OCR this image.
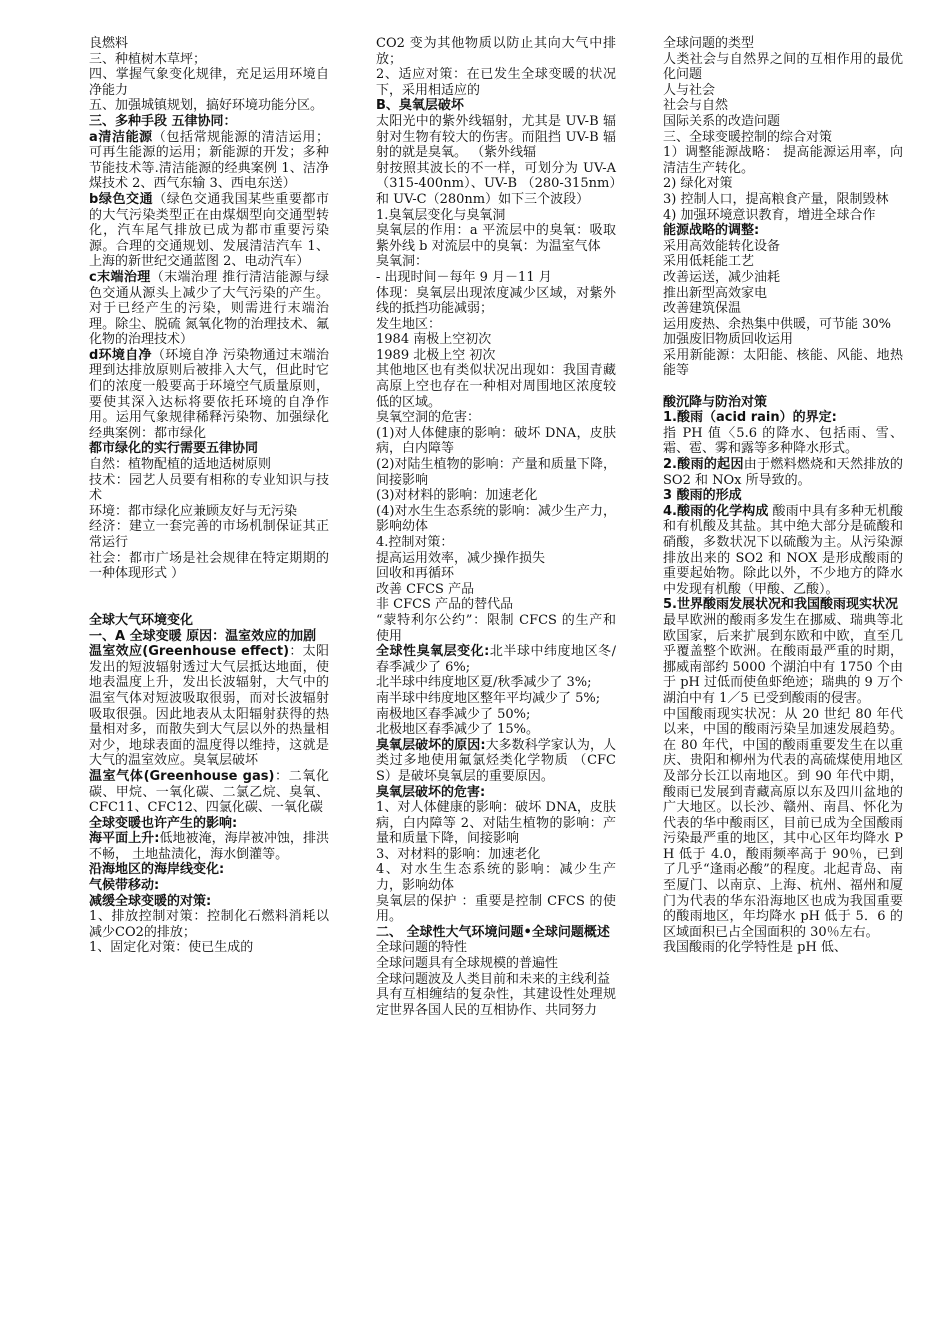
良燃料

三、种植树木草坪；

四、掌握气象变化规律，充足运用环境自净能力

五、加强城镇规划，搞好环境功能分区。

三、多种手段 五律协同：

a清洁能源（包括常规能源的清洁运用；可再生能源的运用；新能源的开发；多种节能技术等.清洁能源的经典案例 1、洁净煤技术 2、西气东输 3、西电东送）

b绿色交通（绿色交通我国某些重要都市的大气污染类型正在由煤烟型向交通型转化，汽车尾气排放已成为都市重要污染源。合理的交通规划、发展清洁汽车 1、上海的新世纪交通蓝图 2、电动汽车）

c末端治理（末端治理 推行清洁能源与绿色交通从源头上减少了大气污染的产生。对于已经产生的污染，则需进行末端治理。除尘、脱硫 氮氧化物的治理技术、氟化物的治理技术）

d环境自净（环境自净 污染物通过末端治理到达排放原则后被排入大气，但此时它们的浓度一般要高于环境空气质量原则，要使其深入达标将要依托环境的自净作用。运用气象规律稀释污染物、加强绿化 经典案例：都市绿化

都市绿化的实行需要五律协同

自然：植物配植的适地适树原则

技术：园艺人员要有相称的专业知识与技术

环境：都市绿化应兼顾友好与无污染

经济：建立一套完善的市场机制保证其正常运行

社会：都市广场是社会规律在特定期期的一种体现形式 ）

全球大气环境变化

一、A 全球变暖 原因：温室效应的加剧

温室效应(Greenhouse effect)：太阳发出的短波辐射透过大气层抵达地面，使地表温度上升，发出长波辐射，大气中的温室气体对短波吸取很弱，而对长波辐射吸取很强。因此地表从太阳辐射获得的热量相对多，而散失到大气层以外的热量相对少，地球表面的温度得以维持，这就是大气的温室效应。臭氧层破坏

温室气体(Greenhouse gas)：二氧化碳、甲烷、一氧化碳、二氯乙烷、臭氧、CFC11、CFC12、四氯化碳、一氧化碳

全球变暖也许产生的影响:

海平面上升:低地被淹，海岸被冲蚀，排洪不畅， 土地盐渍化，海水倒灌等。

沿海地区的海岸线变化:

气候带移动:

减缓全球变暖的对策:

1、排放控制对策：控制化石燃料消耗以减少CO2的排放；

1、固定化对策：使已生成的

CO2 变为其他物质以防止其向大气中排放；

2、适应对策：在已发生全球变暖的状况下，采用相适应的

B、臭氧层破坏

太阳光中的紫外线辐射，尤其是 UV-B 辐射对生物有较大的伤害。而阻挡 UV-B 辐射的就是臭氧。 （紫外线辐

射按照其波长的不一样，可划分为 UV-A（315-400nm）、UV-B （280-315nm）和 UV-C（280nm）如下三个波段）

1.臭氧层变化与臭氧洞

臭氧层的作用：a 平流层中的臭氧：吸取紫外线 b 对流层中的臭氧：为温室气体

臭氧洞：

- 出现时间－每年 9 月－11 月

体现：臭氧层出现浓度减少区域，对紫外线的抵挡功能减弱；

发生地区：

1984 南极上空初次

1989 北极上空 初次

其他地区也有类似状况出现如：我国青藏高原上空也存在一种相对周围地区浓度较低的区域。

臭氧空洞的危害：

(1)对人体健康的影响：破坏 DNA，皮肤病，白内障等

(2)对陆生植物的影响：产量和质量下降，间接影响

(3)对材料的影响：加速老化

(4)对水生生态系统的影响：减少生产力，影响幼体

4.控制对策：

提高运用效率，减少操作损失

回收和再循环

改善 CFCS 产品

非 CFCS 产品的替代品

“蒙特利尔公约”：限制 CFCS 的生产和使用

全球性臭氧层变化:北半球中纬度地区冬/春季减少了 6%;

北半球中纬度地区夏/秋季减少了 3%;

南半球中纬度地区整年平均减少了 5%;

南极地区春季减少了 50%;

北极地区春季减少了 15%。

臭氧层破坏的原因:大多数科学家认为，人类过多地使用氟氯烃类化学物质 （CFCS）是破坏臭氧层的重要原因。

臭氧层破坏的危害:

1、对人体健康的影响：破坏 DNA，皮肤病，白内障等 2、对陆生植物的影响：产量和质量下降，间接影响

3、对材料的影响：加速老化

4、对水生生态系统的影响：减少生产力，影响幼体

臭氧层的保护 ：重要是控制 CFCS 的使用。

二、 全球性大气环境问题•全球问题概述

全球问题的特性

全球问题具有全球规模的普遍性

全球问题波及人类目前和未来的主线利益

具有互相缠结的复杂性，其建设性处理规定世界各国人民的互相协作、共同努力

全球问题的类型

人类社会与自然界之间的互相作用的最优化问题

人与社会

社会与自然

国际关系的改造问题

三、全球变暖控制的综合对策

1）调整能源战略： 提高能源运用率，向清洁生产转化。

2) 绿化对策

3) 控制人口，提高粮食产量，限制毁林

4) 加强环境意识教育，增进全球合作

能源战略的调整:

采用高效能转化设备

采用低耗能工艺

改善运送，减少油耗

推出新型高效家电

改善建筑保温

运用废热、余热集中供暖，可节能 30%

加强废旧物质回收运用

采用新能源：太阳能、核能、风能、地热能等

酸沉降与防治对策

1.酸雨（acid rain）的界定:

指 PH 值〈5.6 的降水、包括雨、雪、霜、雹、雾和露等多种降水形式。

2.酸雨的起因由于燃料燃烧和天然排放的 SO2 和 NOx 所导致的。

3 酸雨的形成

4.酸雨的化学构成 酸雨中具有多种无机酸和有机酸及其盐。其中绝大部分是硫酸和硝酸，多数状况下以硫酸为主。从污染源排放出来的 SO2 和 NOX 是形成酸雨的重要起始物。除此以外，不少地方的降水中发现有机酸（甲酸、乙酸）。

5.世界酸雨发展状况和我国酸雨现实状况

最早欧洲的酸雨多发生在挪威、瑞典等北欧国家，后来扩展到东欧和中欧，直至几乎覆盖整个欧洲。在酸雨最严重的时期，挪威南部约 5000 个湖泊中有 1750 个由于 pH 过低而使鱼虾绝迹；瑞典的 9 万个湖泊中有 1／5 已受到酸雨的侵害。

中国酸雨现实状况：从 20 世纪 80 年代以来，中国的酸雨污染呈加速发展趋势。在 80 年代，中国的酸雨重要发生在以重庆、贵阳和柳州为代表的高硫煤使用地区及部分长江以南地区。到 90 年代中期，酸雨已发展到青藏高原以东及四川盆地的广大地区。以长沙、赣州、南昌、怀化为代表的华中酸雨区，目前已成为全国酸雨污染最严重的地区，其中心区年均降水 PH 低于 4.0，酸雨频率高于 90％，已到了几乎“逢雨必酸”的程度。北起青岛、南至厦门、以南京、上海、杭州、福州和厦门为代表的华东沿海地区也成为我国重要的酸雨地区，年均降水 pH 低于 5．6 的区域面积已占全国面积的 30％左右。

我国酸雨的化学特性是 pH 低、
